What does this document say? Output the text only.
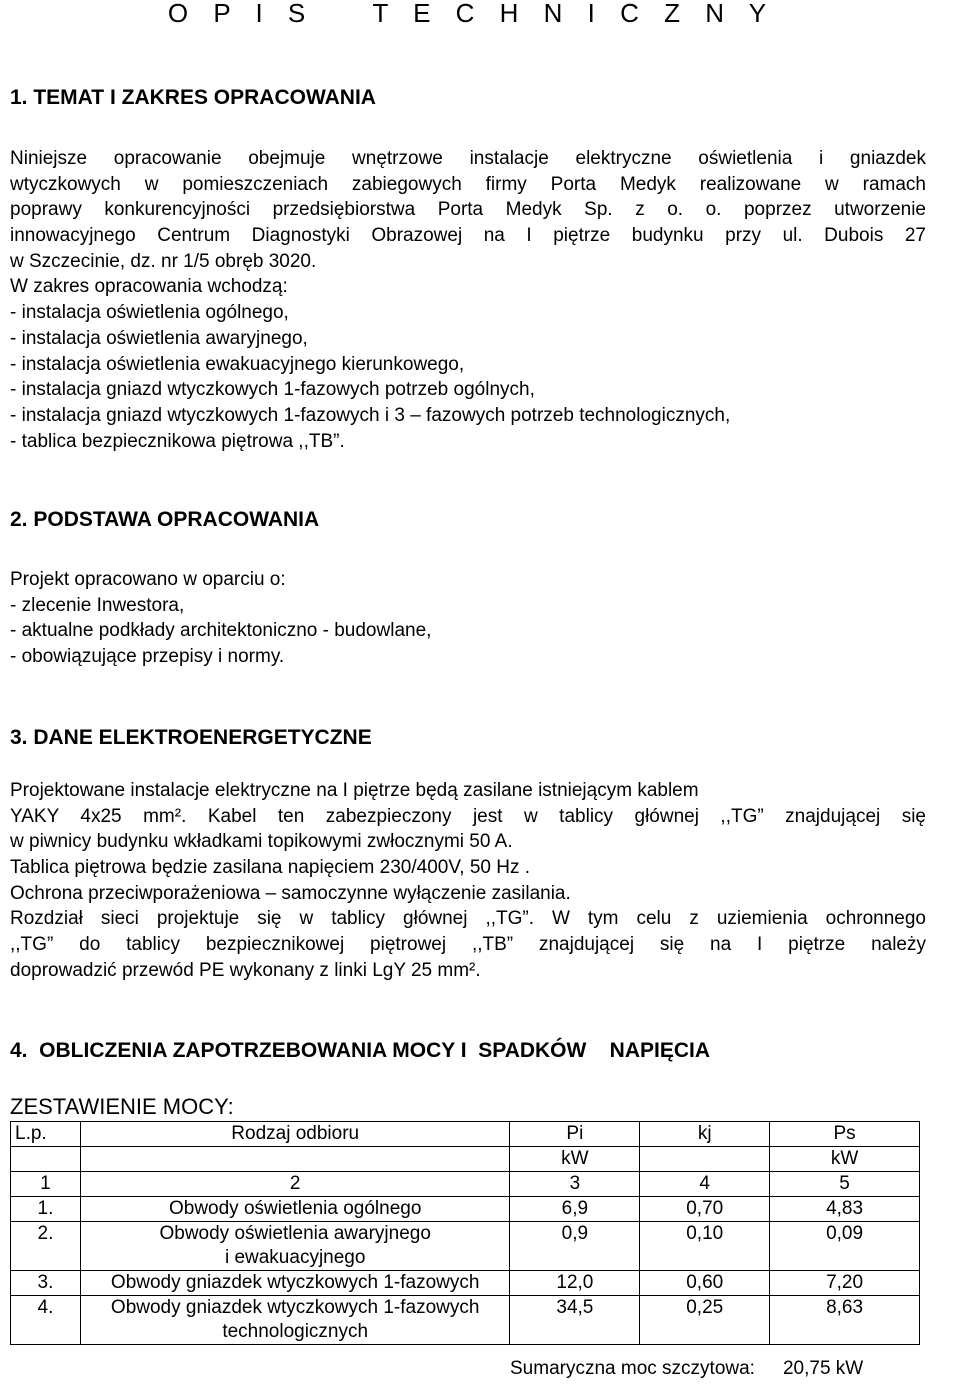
O P I S   T E C H N I C Z N Y
1. TEMAT I ZAKRES OPRACOWANIA
Niniejsze opracowanie obejmuje wnętrzowe instalacje elektryczne oświetlenia i gniazdek
wtyczkowych w pomieszczeniach zabiegowych firmy Porta Medyk realizowane w ramach
poprawy konkurencyjności przedsiębiorstwa Porta Medyk Sp. z o. o. poprzez utworzenie
innowacyjnego Centrum Diagnostyki Obrazowej na I piętrze budynku przy ul. Dubois 27
w Szczecinie, dz. nr 1/5 obręb 3020.
W zakres opracowania wchodzą:
- instalacja oświetlenia ogólnego,
- instalacja oświetlenia awaryjnego,
- instalacja oświetlenia ewakuacyjnego kierunkowego,
- instalacja gniazd wtyczkowych 1-fazowych potrzeb ogólnych,
- instalacja gniazd wtyczkowych 1-fazowych i 3 – fazowych potrzeb technologicznych,
- tablica bezpiecznikowa piętrowa ,,TB”.
2. PODSTAWA OPRACOWANIA
Projekt opracowano w oparciu o:
- zlecenie Inwestora,
- aktualne podkłady architektoniczno - budowlane,
- obowiązujące przepisy i normy.
3. DANE ELEKTROENERGETYCZNE
Projektowane instalacje elektryczne na I piętrze będą zasilane istniejącym kablem
YAKY 4x25 mm². Kabel ten zabezpieczony jest w tablicy głównej ,,TG” znajdującej się
w piwnicy budynku wkładkami topikowymi zwłocznymi 50 A.
Tablica piętrowa będzie zasilana napięciem 230/400V, 50 Hz .
Ochrona przeciwporażeniowa – samoczynne wyłączenie zasilania.
Rozdział sieci projektuje się w tablicy głównej ,,TG”. W tym celu z uziemienia ochronnego
,,TG” do tablicy bezpiecznikowej piętrowej ,,TB” znajdującej się na I piętrze należy
doprowadzić przewód PE wykonany z linki LgY 25 mm².
4.  OBLICZENIA ZAPOTRZEBOWANIA MOCY I  SPADKÓW    NAPIĘCIA
ZESTAWIENIE MOCY:
L.p.	Rodzaj odbioru	Pi	kj	Ps
		kW		kW
1	2	3	4	5
1.	Obwody oświetlenia ogólnego	6,9	0,70	4,83
2.	Obwody oświetlenia awaryjnego
i ewakuacyjnego	0,9	0,10	0,09
3.	Obwody gniazdek wtyczkowych 1-fazowych	12,0	0,60	7,20
4.	Obwody gniazdek wtyczkowych 1-fazowych
technologicznych	34,5	0,25	8,63
Sumaryczna moc szczytowa: 20,75 kW
